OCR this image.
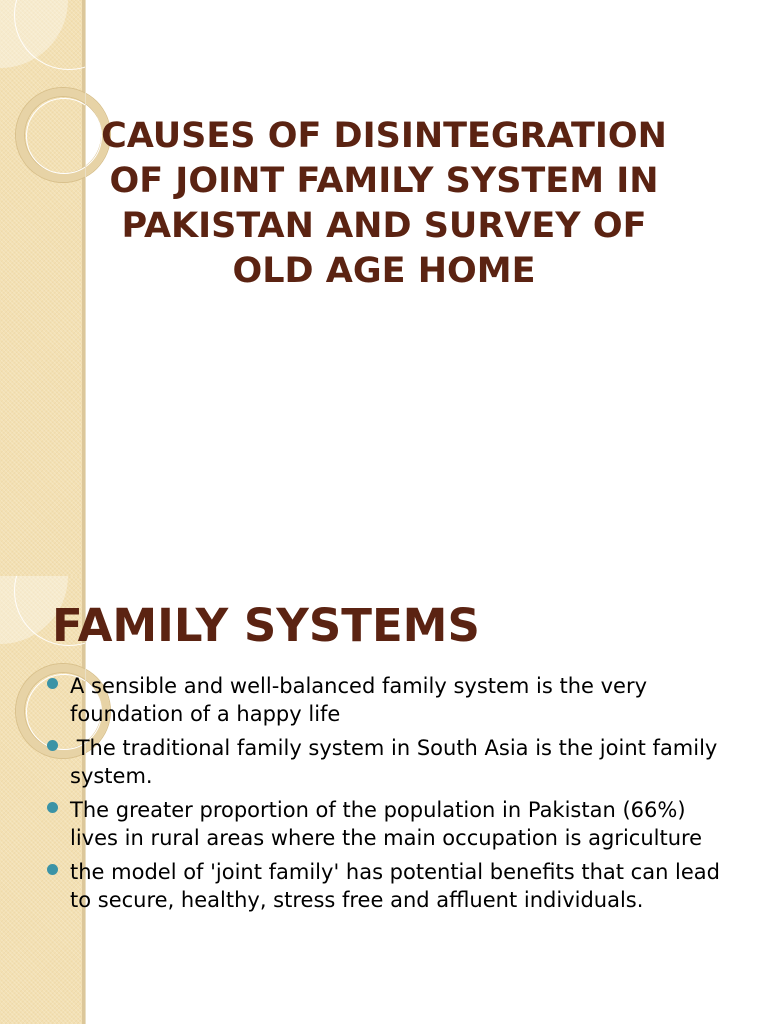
CAUSES OF DISINTEGRATION OF JOINT FAMILY SYSTEM IN PAKISTAN AND SURVEY OF OLD AGE HOME
FAMILY SYSTEMS
A sensible and well-balanced family system is the very foundation of a happy life
The traditional family system in South Asia is the joint family system.
The greater proportion of the population in Pakistan (66%) lives in rural areas where the main occupation is agriculture
the model of 'joint family' has potential benefits that can lead to secure, healthy, stress free and affluent individuals.
